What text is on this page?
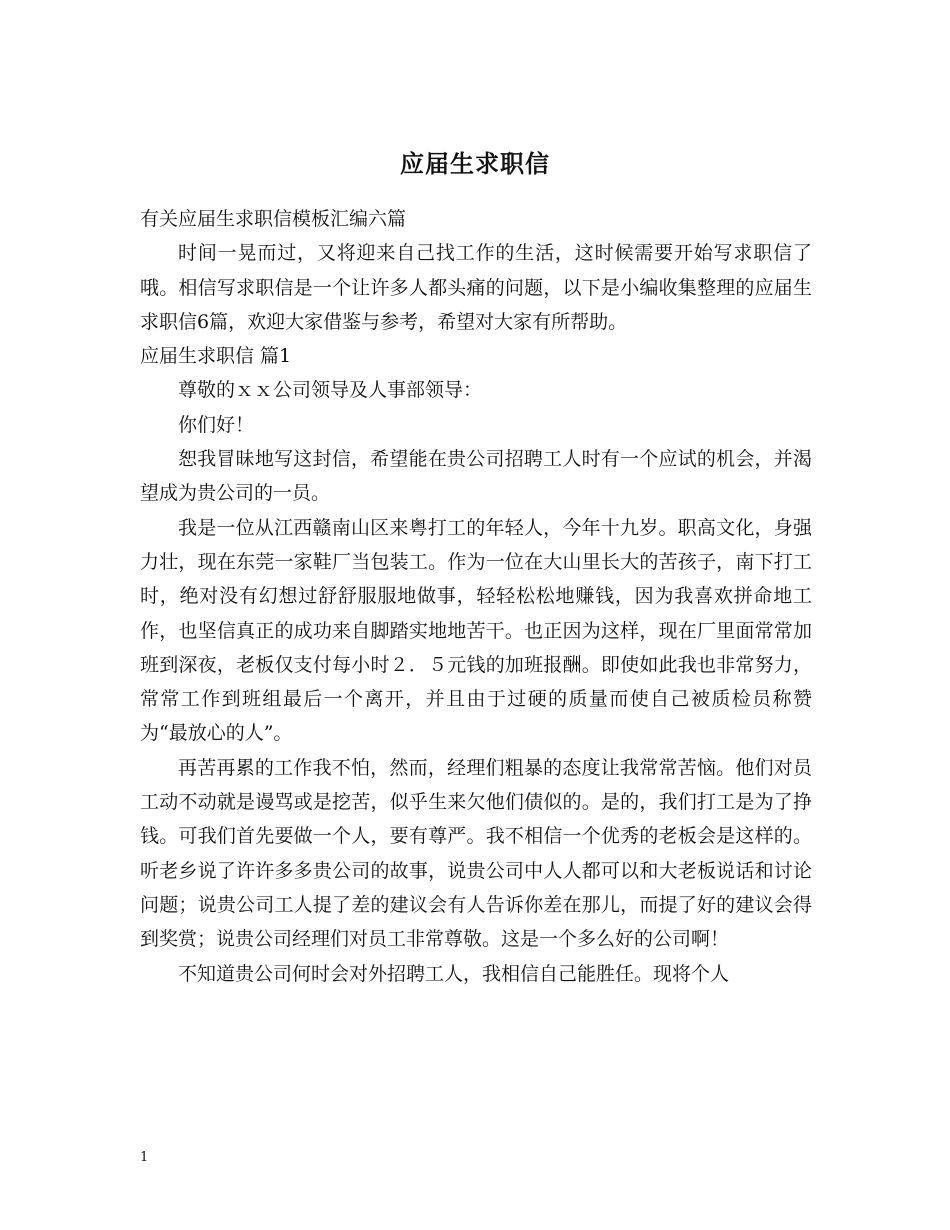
应届生求职信

有关应届生求职信模板汇编六篇

时间一晃而过，又将迎来自己找工作的生活，这时候需要开始写求职信了哦。相信写求职信是一个让许多人都头痛的问题，以下是小编收集整理的应届生求职信6篇，欢迎大家借鉴与参考，希望对大家有所帮助。

应届生求职信 篇1

尊敬的ｘｘ公司领导及人事部领导：

你们好！

恕我冒昧地写这封信，希望能在贵公司招聘工人时有一个应试的机会，并渴望成为贵公司的一员。

我是一位从江西赣南山区来粤打工的年轻人，今年十九岁。职高文化，身强力壮，现在东莞一家鞋厂当包装工。作为一位在大山里长大的苦孩子，南下打工时，绝对没有幻想过舒舒服服地做事，轻轻松松地赚钱，因为我喜欢拼命地工作，也坚信真正的成功来自脚踏实地地苦干。也正因为这样，现在厂里面常常加班到深夜，老板仅支付每小时２．５元钱的加班报酬。即使如此我也非常努力，常常工作到班组最后一个离开，并且由于过硬的质量而使自己被质检员称赞为“最放心的人”。

再苦再累的工作我不怕，然而，经理们粗暴的态度让我常常苦恼。他们对员工动不动就是谩骂或是挖苦，似乎生来欠他们债似的。是的，我们打工是为了挣钱。可我们首先要做一个人，要有尊严。我不相信一个优秀的老板会是这样的。听老乡说了许许多多贵公司的故事，说贵公司中人人都可以和大老板说话和讨论问题；说贵公司工人提了差的建议会有人告诉你差在那儿，而提了好的建议会得到奖赏；说贵公司经理们对员工非常尊敬。这是一个多么好的公司啊！

不知道贵公司何时会对外招聘工人，我相信自己能胜任。现将个人

1
